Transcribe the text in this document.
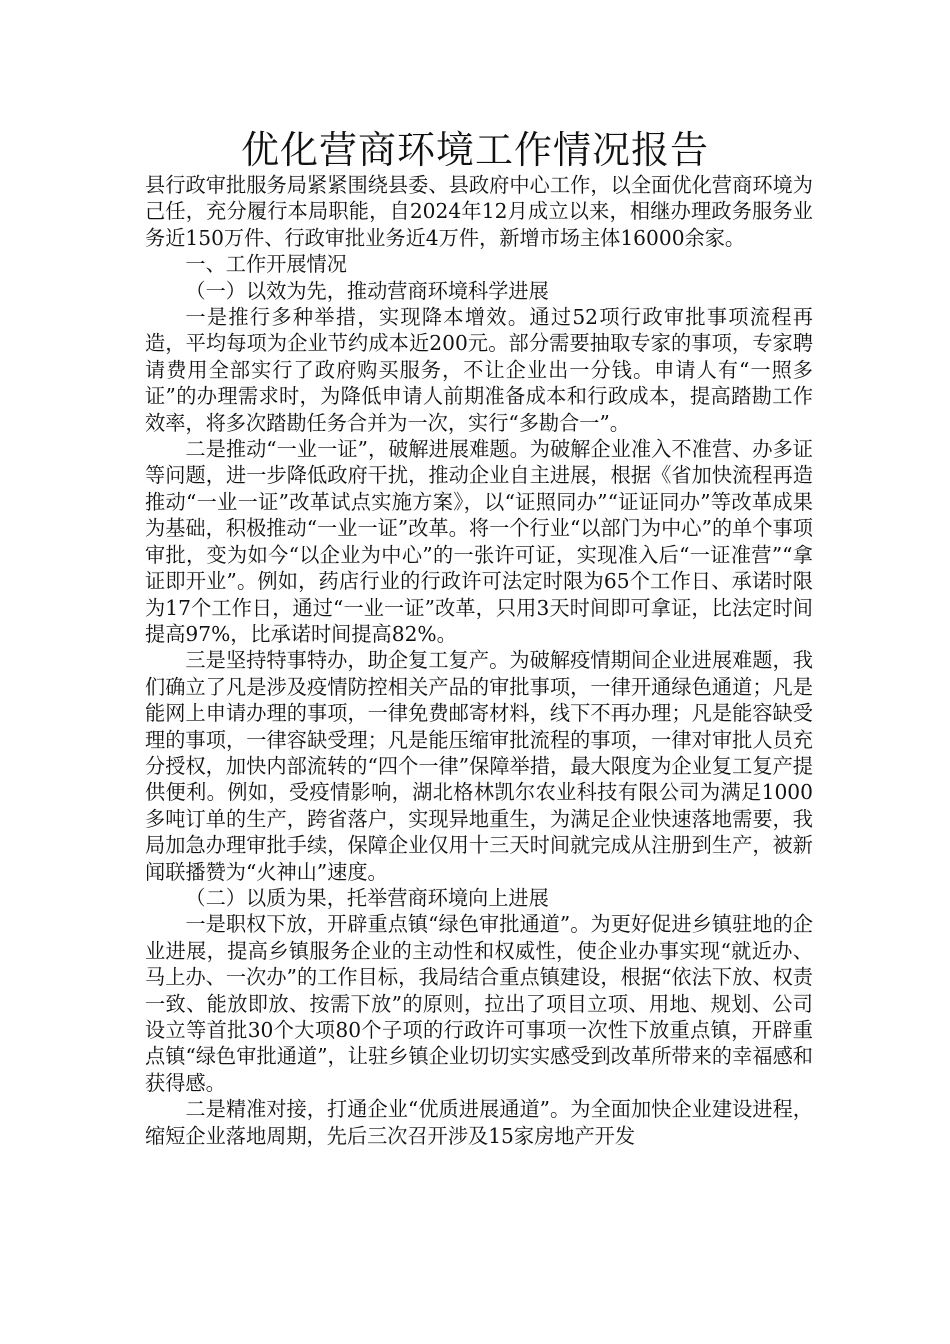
优化营商环境工作情况报告

县行政审批服务局紧紧围绕县委、县政府中心工作，以全面优化营商环境为己任，充分履行本局职能，自2024年12月成立以来，相继办理政务服务业务近150万件、行政审批业务近4万件，新增市场主体16000余家。

一、工作开展情况

（一）以效为先，推动营商环境科学进展

一是推行多种举措，实现降本增效。通过52项行政审批事项流程再造，平均每项为企业节约成本近200元。部分需要抽取专家的事项，专家聘请费用全部实行了政府购买服务，不让企业出一分钱。申请人有“一照多证”的办理需求时，为降低申请人前期准备成本和行政成本，提高踏勘工作效率，将多次踏勘任务合并为一次，实行“多勘合一”。

二是推动“一业一证”，破解进展难题。为破解企业准入不准营、办多证等问题，进一步降低政府干扰，推动企业自主进展，根据《省加快流程再造推动“一业一证”改革试点实施方案》，以“证照同办”“证证同办”等改革成果为基础，积极推动“一业一证”改革。将一个行业“以部门为中心”的单个事项审批，变为如今“以企业为中心”的一张许可证，实现准入后“一证准营”“拿证即开业”。例如，药店行业的行政许可法定时限为65个工作日、承诺时限为17个工作日，通过“一业一证”改革，只用3天时间即可拿证，比法定时间提高97%，比承诺时间提高82%。

三是坚持特事特办，助企复工复产。为破解疫情期间企业进展难题，我们确立了凡是涉及疫情防控相关产品的审批事项，一律开通绿色通道；凡是能网上申请办理的事项，一律免费邮寄材料，线下不再办理；凡是能容缺受理的事项，一律容缺受理；凡是能压缩审批流程的事项，一律对审批人员充分授权，加快内部流转的“四个一律”保障举措，最大限度为企业复工复产提供便利。例如，受疫情影响，湖北格林凯尔农业科技有限公司为满足1000多吨订单的生产，跨省落户，实现异地重生，为满足企业快速落地需要，我局加急办理审批手续，保障企业仅用十三天时间就完成从注册到生产，被新闻联播赞为“火神山”速度。

（二）以质为果，托举营商环境向上进展

一是职权下放，开辟重点镇“绿色审批通道”。为更好促进乡镇驻地的企业进展，提高乡镇服务企业的主动性和权威性，使企业办事实现“就近办、马上办、一次办”的工作目标，我局结合重点镇建设，根据“依法下放、权责一致、能放即放、按需下放”的原则，拉出了项目立项、用地、规划、公司设立等首批30个大项80个子项的行政许可事项一次性下放重点镇，开辟重点镇“绿色审批通道”，让驻乡镇企业切切实实感受到改革所带来的幸福感和获得感。

二是精准对接，打通企业“优质进展通道”。为全面加快企业建设进程，缩短企业落地周期，先后三次召开涉及15家房地产开发
